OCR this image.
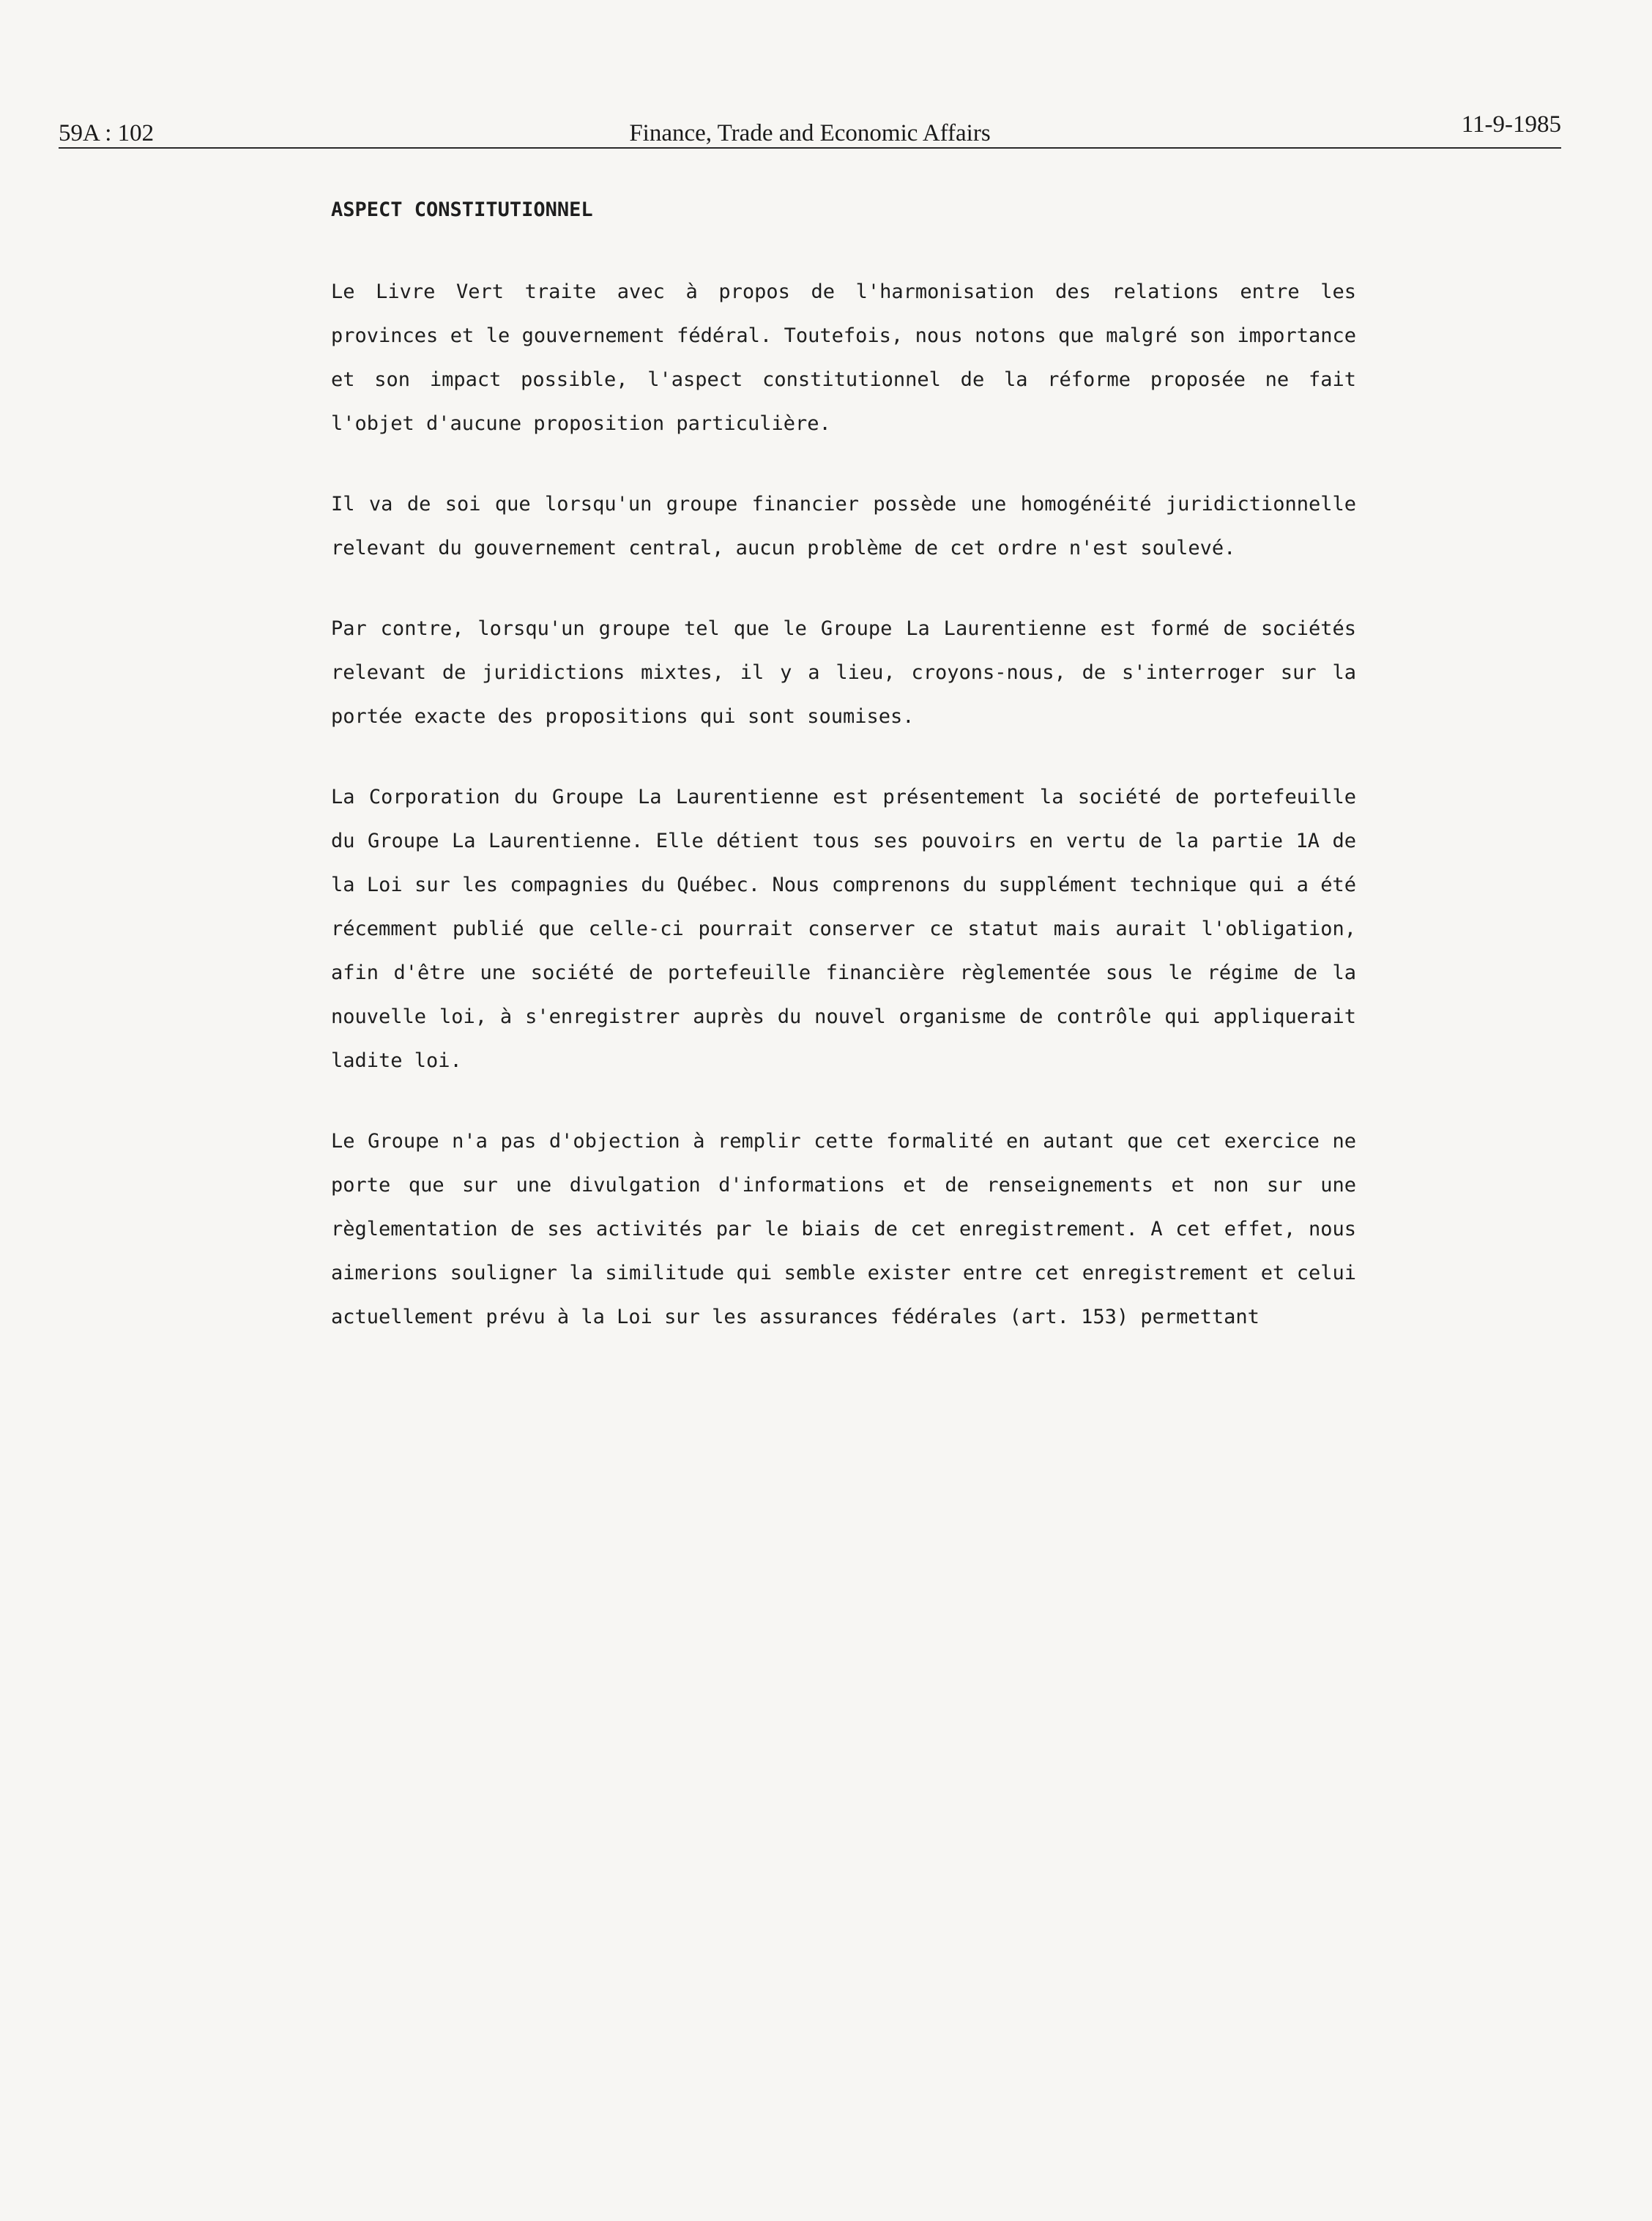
59A : 102	Finance, Trade and Economic Affairs	11-9-1985

ASPECT CONSTITUTIONNEL

Le Livre Vert traite avec à propos de l'harmonisation des relations entre les provinces et le gouvernement fédéral. Toutefois, nous notons que malgré son importance et son impact possible, l'aspect constitutionnel de la réforme proposée ne fait l'objet d'aucune proposition particulière.

Il va de soi que lorsqu'un groupe financier possède une homogénéité juridictionnelle relevant du gouvernement central, aucun problème de cet ordre n'est soulevé.

Par contre, lorsqu'un groupe tel que le Groupe La Laurentienne est formé de sociétés relevant de juridictions mixtes, il y a lieu, croyons-nous, de s'interroger sur la portée exacte des propositions qui sont soumises.

La Corporation du Groupe La Laurentienne est présentement la société de portefeuille du Groupe La Laurentienne. Elle détient tous ses pouvoirs en vertu de la partie 1A de la Loi sur les compagnies du Québec. Nous comprenons du supplément technique qui a été récemment publié que celle-ci pourrait conserver ce statut mais aurait l'obligation, afin d'être une société de portefeuille financière règlementée sous le régime de la nouvelle loi, à s'enregistrer auprès du nouvel organisme de contrôle qui appliquerait ladite loi.

Le Groupe n'a pas d'objection à remplir cette formalité en autant que cet exercice ne porte que sur une divulgation d'informations et de renseignements et non sur une règlementation de ses activités par le biais de cet enregistrement. A cet effet, nous aimerions souligner la similitude qui semble exister entre cet enregistrement et celui actuellement prévu à la Loi sur les assurances fédérales (art. 153) permettant
